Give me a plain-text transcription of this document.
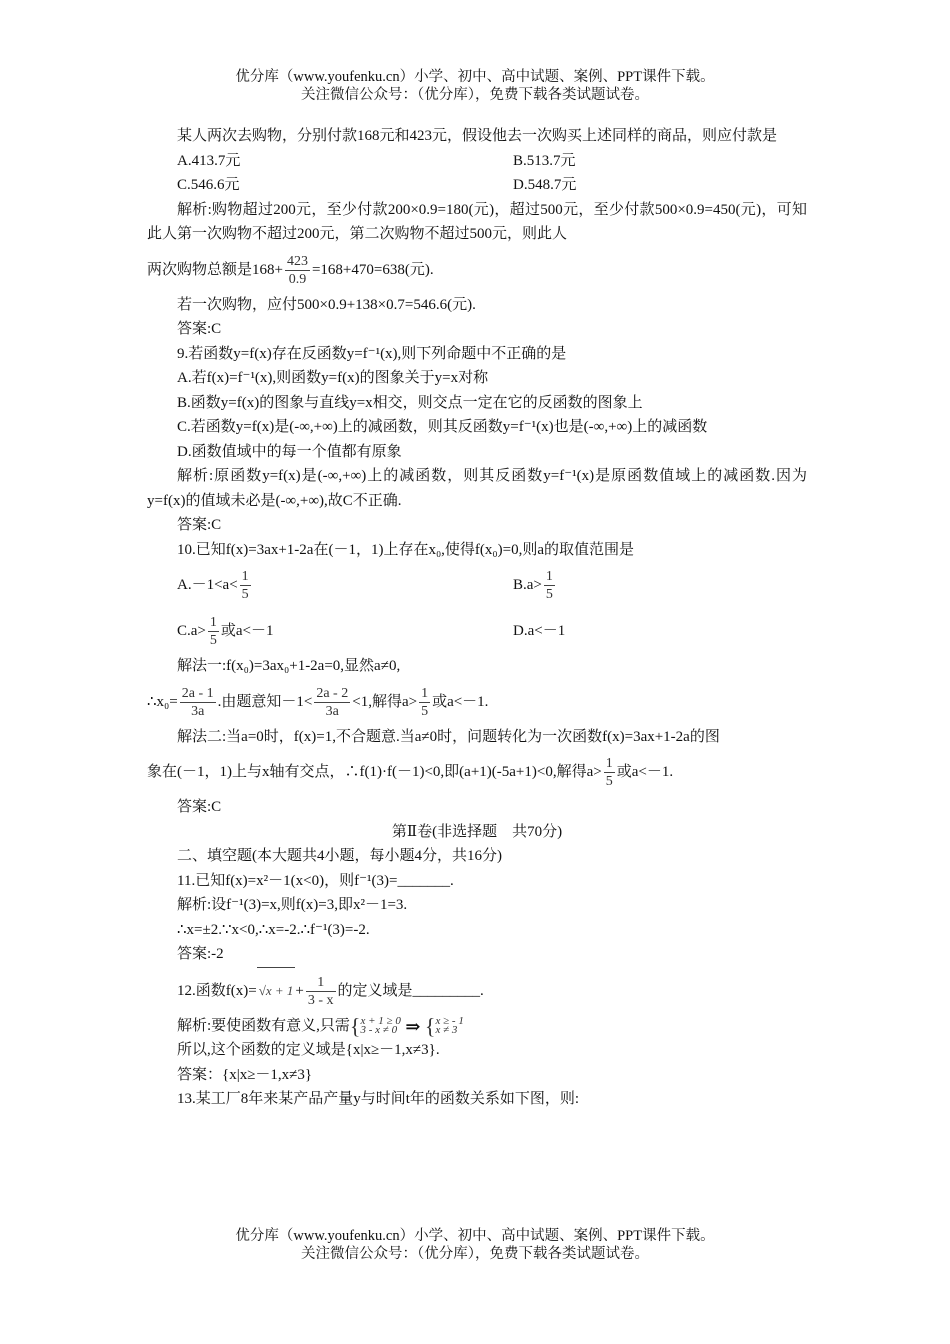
优分库（www.youfenku.cn）小学、初中、高中试题、案例、PPT课件下载。
关注微信公众号：（优分库），免费下载各类试题试卷。

某人两次去购物，分别付款168元和423元，假设他去一次购买上述同样的商品，则应付款是

A.413.7元	B.513.7元
C.546.6元	D.548.7元

解析:购物超过200元，至少付款200×0.9=180(元)，超过500元，至少付款500×0.9=450(元)，可知此人第一次购物不超过200元，第二次购物不超过500元，则此人

两次购物总额是$168+ \frac{423}{0.9} =168+470=638$(元).

若一次购物，应付500×0.9+138×0.7=546.6(元).

答案:C

9.若函数y=f(x)存在反函数y=f⁻¹(x),则下列命题中不正确的是

A.若f(x)=f⁻¹(x),则函数y=f(x)的图象关于y=x对称

B.函数y=f(x)的图象与直线y=x相交，则交点一定在它的反函数的图象上

C.若函数y=f(x)是(-∞,+∞)上的减函数，则其反函数y=f⁻¹(x)也是(-∞,+∞)上的减函数

D.函数值域中的每一个值都有原象

解析:原函数y=f(x)是(-∞,+∞)上的减函数，则其反函数y=f⁻¹(x)是原函数值域上的减函数.因为y=f(x)的值域未必是(-∞,+∞),故C不正确.

答案:C

10.已知f(x)=3ax+1-2a在(－1，1)上存在x₀,使得f(x₀)=0,则a的取值范围是

$A.-1<a< \frac{1}{5}$	$B.a> \frac{1}{5}$
$C.a> \frac{1}{5}$ 或a<－1	D.a<－1

解法一:f(x₀)=3ax₀+1-2a=0,显然a≠0,

∴x₀= $\frac{2a - 1}{3a}$ .由题意知$-1< \frac{2a - 2}{3a} <1$,解得$a> \frac{1}{5}$ 或a<－1.

解法二:当a=0时，f(x)=1,不合题意.当a≠0时，问题转化为一次函数f(x)=3ax+1-2a的图

象在(－1，1)上与x轴有交点，∴f(1)·f(－1)<0,即(a+1)(-5a+1)<0,解得$a> \frac{1}{5}$ 或a<－1.

答案:C

第Ⅱ卷(非选择题　共70分)

二、填空题(本大题共4小题，每小题4分，共16分)

11.已知f(x)=x²－1(x<0)，则f⁻¹(3)=_______.

解析:设f⁻¹(3)=x,则f(x)=3,即x²－1=3.

∴x=±2.∵x<0,∴x=-2.∴f⁻¹(3)=-2.

答案:-2

12.函数$f(x)= √x + 1 + \frac{1}{3 - x}$ 的定义域是_________.

解析:要使函数有意义,只需{x + 1 ≥ 0
3 - x ≠ 0 ⇒ {x ≥ - 1
x ≠ 3

所以,这个函数的定义域是{x|x≥－1,x≠3}.

答案：{x|x≥－1,x≠3}

13.某工厂8年来某产品产量y与时间t年的函数关系如下图，则:

优分库（www.youfenku.cn）小学、初中、高中试题、案例、PPT课件下载。
关注微信公众号：（优分库），免费下载各类试题试卷。
